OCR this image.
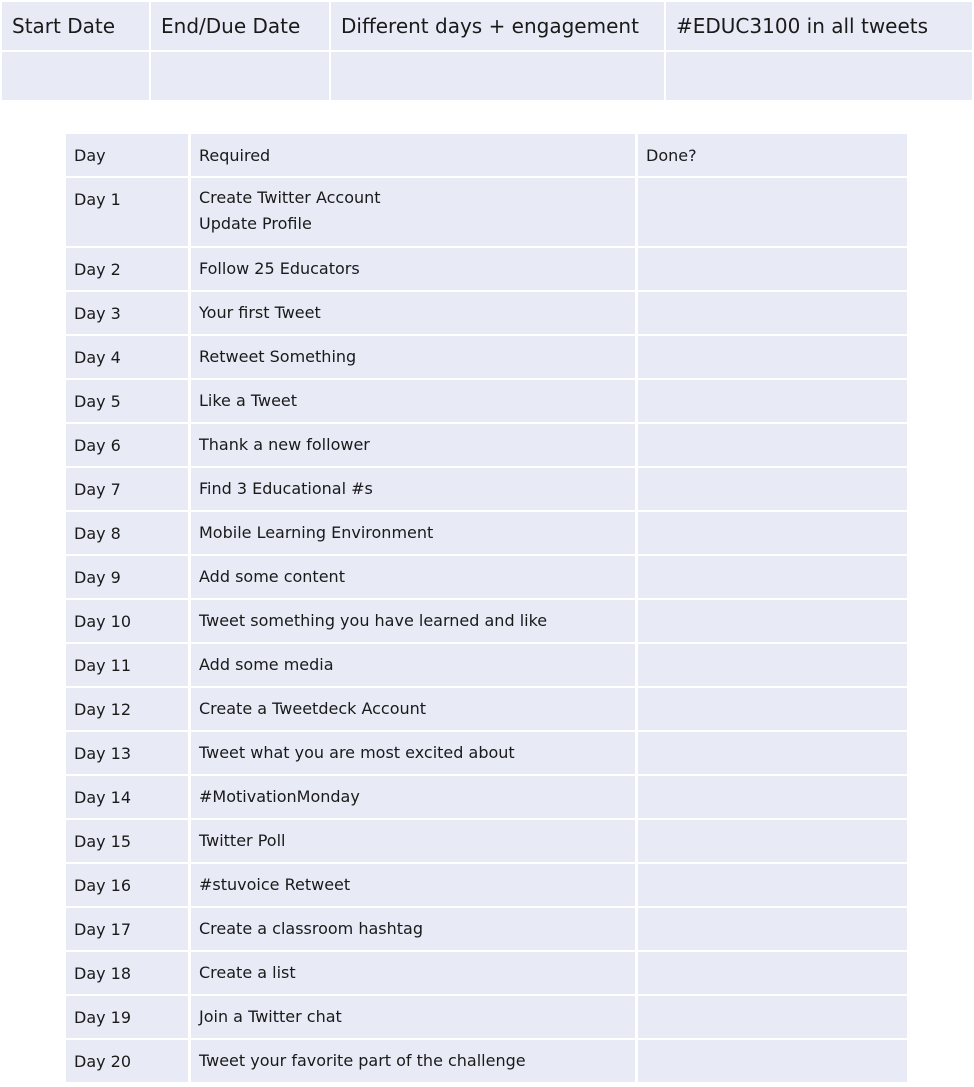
Start Date	End/Due Date	Different days + engagement	#EDUC3100 in all tweets
Day	Required	Done?
Day 1	Create Twitter Account
Update Profile
Day 2	Follow 25 Educators
Day 3	Your first Tweet
Day 4	Retweet Something
Day 5	Like a Tweet
Day 6	Thank a new follower
Day 7	Find 3 Educational #s
Day 8	Mobile Learning Environment
Day 9	Add some content
Day 10	Tweet something you have learned and like
Day 11	Add some media
Day 12	Create a Tweetdeck Account
Day 13	Tweet what you are most excited about
Day 14	#MotivationMonday
Day 15	Twitter Poll
Day 16	#stuvoice Retweet
Day 17	Create a classroom hashtag
Day 18	Create a list
Day 19	Join a Twitter chat
Day 20	Tweet your favorite part of the challenge
